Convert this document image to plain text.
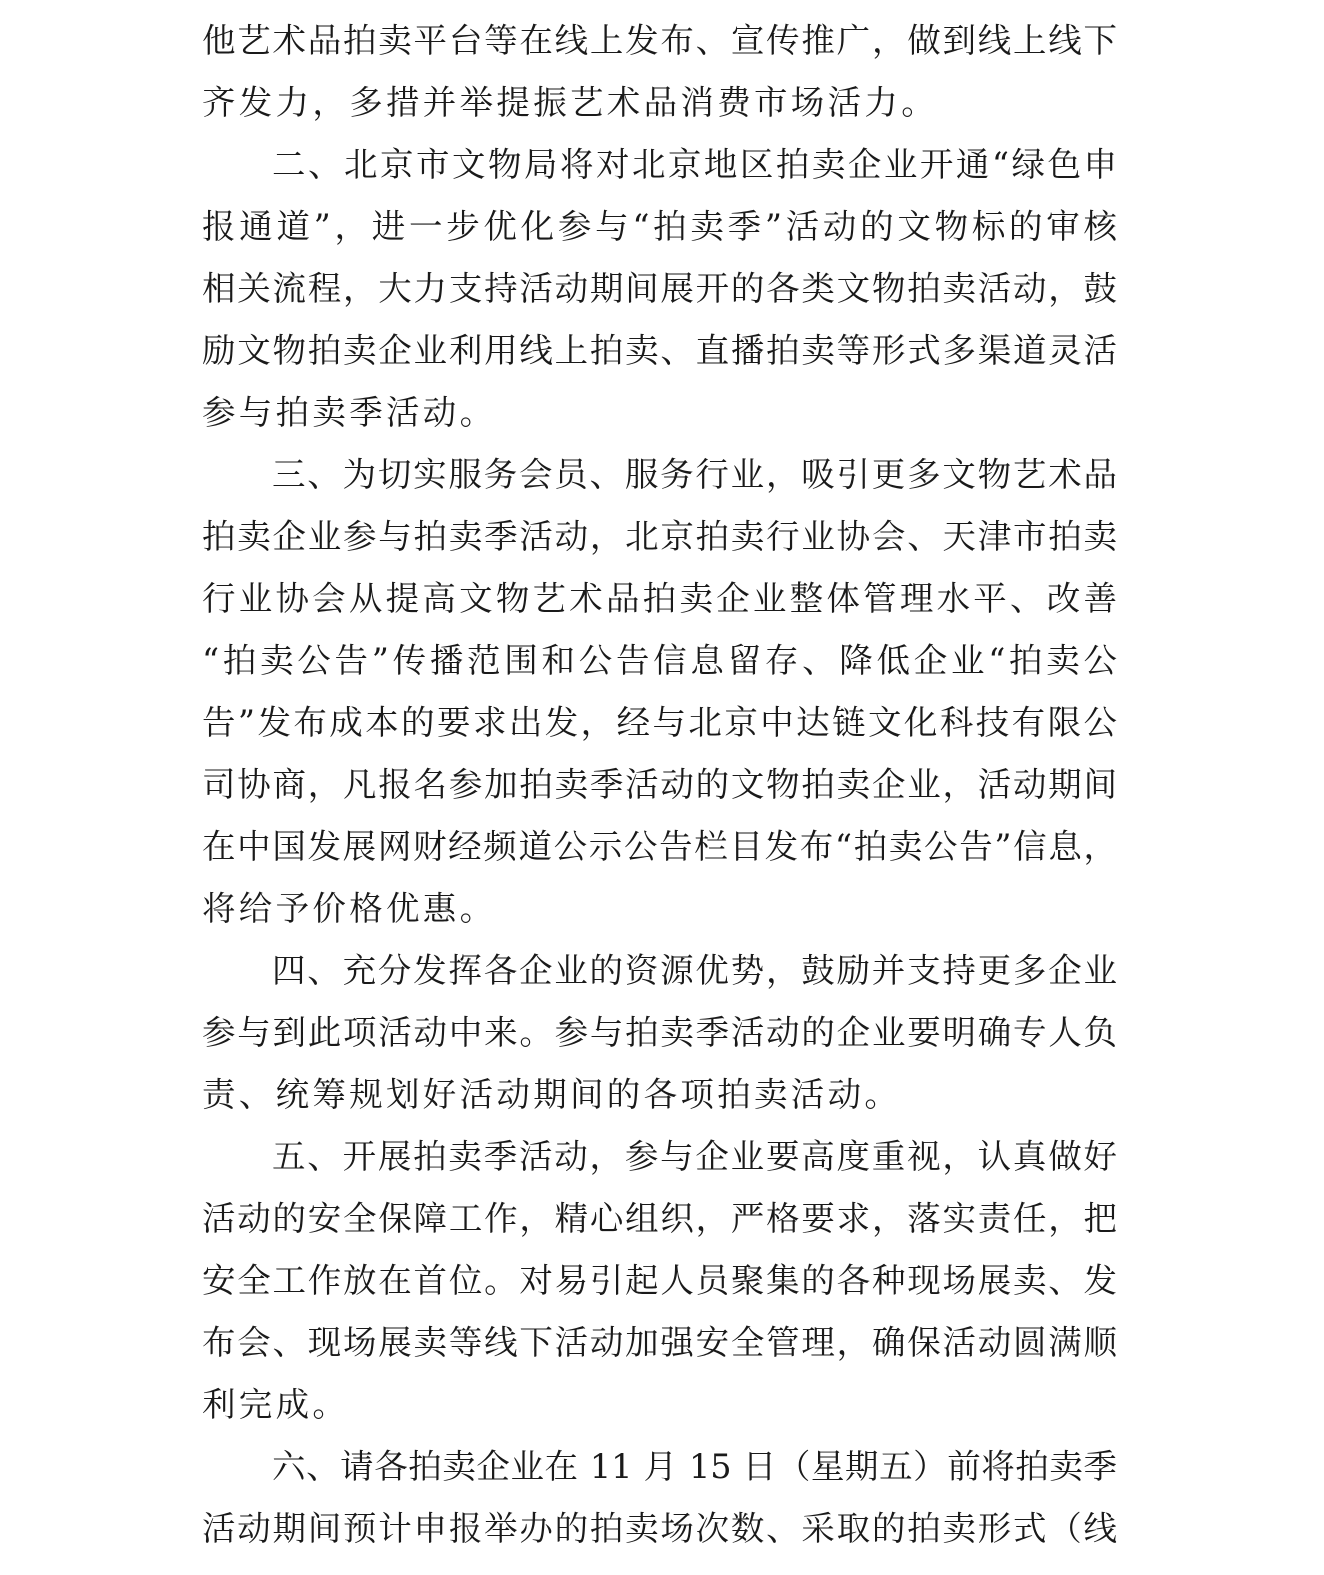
他艺术品拍卖平台等在线上发布、宣传推广，做到线上线下
齐发力，多措并举提振艺术品消费市场活力。
二、北京市文物局将对北京地区拍卖企业开通“绿色申
报通道”，进一步优化参与“拍卖季”活动的文物标的审核
相关流程，大力支持活动期间展开的各类文物拍卖活动，鼓
励文物拍卖企业利用线上拍卖、直播拍卖等形式多渠道灵活
参与拍卖季活动。
三、为切实服务会员、服务行业，吸引更多文物艺术品
拍卖企业参与拍卖季活动，北京拍卖行业协会、天津市拍卖
行业协会从提高文物艺术品拍卖企业整体管理水平、改善
“拍卖公告”传播范围和公告信息留存、降低企业“拍卖公
告”发布成本的要求出发，经与北京中达链文化科技有限公
司协商，凡报名参加拍卖季活动的文物拍卖企业，活动期间
在中国发展网财经频道公示公告栏目发布“拍卖公告”信息，
将给予价格优惠。
四、充分发挥各企业的资源优势，鼓励并支持更多企业
参与到此项活动中来。参与拍卖季活动的企业要明确专人负
责、统筹规划好活动期间的各项拍卖活动。
五、开展拍卖季活动，参与企业要高度重视，认真做好
活动的安全保障工作，精心组织，严格要求，落实责任，把
安全工作放在首位。对易引起人员聚集的各种现场展卖、发
布会、现场展卖等线下活动加强安全管理，确保活动圆满顺
利完成。
六、请各拍卖企业在 11 月 15 日（星期五）前将拍卖季
活动期间预计申报举办的拍卖场次数、采取的拍卖形式（线
